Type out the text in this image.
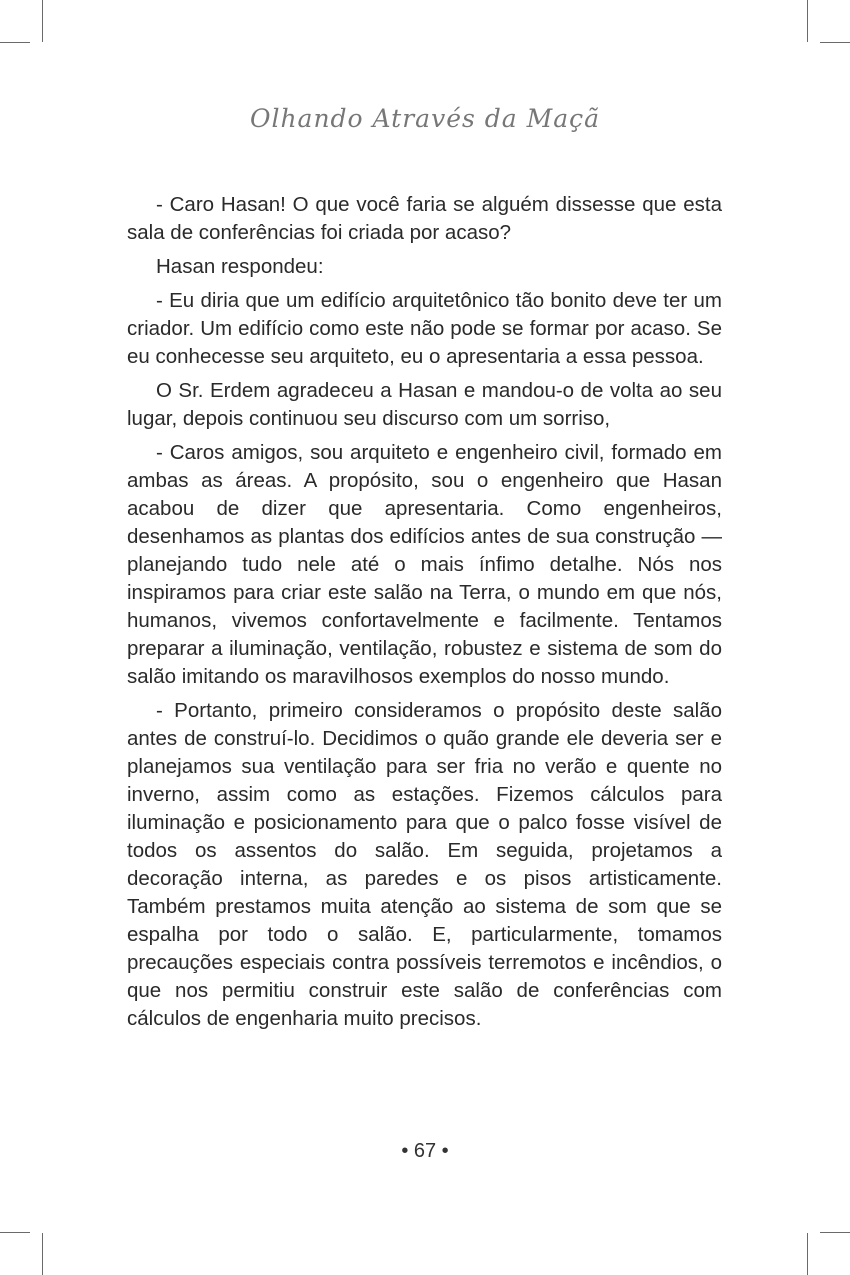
Olhando Através da Maçã

- Caro Hasan! O que você faria se alguém dissesse que esta sala de conferências foi criada por acaso?

Hasan respondeu:

- Eu diria que um edifício arquitetônico tão bonito deve ter um criador. Um edifício como este não pode se formar por acaso. Se eu conhecesse seu arquiteto, eu o apresentaria a essa pessoa.

O Sr. Erdem agradeceu a Hasan e mandou-o de volta ao seu lugar, depois continuou seu discurso com um sorriso,

- Caros amigos, sou arquiteto e engenheiro civil, formado em ambas as áreas. A propósito, sou o engenheiro que Hasan acabou de dizer que apresentaria. Como engenheiros, desenhamos as plantas dos edifícios antes de sua construção — planejando tudo nele até o mais ínfimo detalhe. Nós nos inspiramos para criar este salão na Terra, o mundo em que nós, humanos, vivemos confortavelmente e facilmente. Tentamos preparar a iluminação, ventilação, robustez e sistema de som do salão imitando os maravilhosos exemplos do nosso mundo.

- Portanto, primeiro consideramos o propósito deste salão antes de construí-lo. Decidimos o quão grande ele deveria ser e planejamos sua ventilação para ser fria no verão e quente no inverno, assim como as estações. Fizemos cálculos para iluminação e posicionamento para que o palco fosse visível de todos os assentos do salão. Em seguida, projetamos a decoração interna, as paredes e os pisos artisticamente. Também prestamos muita atenção ao sistema de som que se espalha por todo o salão. E, particularmente, tomamos precauções especiais contra possíveis terremotos e incêndios, o que nos permitiu construir este salão de conferências com cálculos de engenharia muito precisos.

• 67 •
